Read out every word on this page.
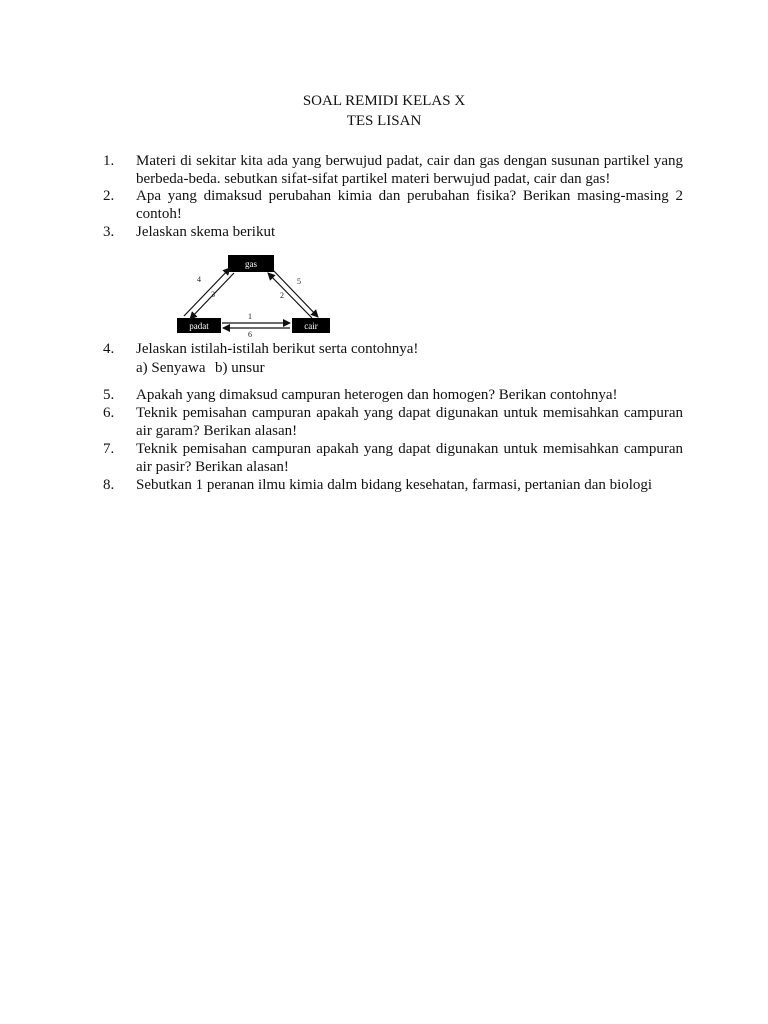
SOAL REMIDI KELAS X
TES LISAN
1.	Materi di sekitar kita ada yang berwujud padat, cair dan gas dengan susunan partikel yang berbeda-beda. sebutkan sifat-sifat partikel materi berwujud padat, cair dan gas!
2.	Apa yang dimaksud perubahan kimia dan perubahan fisika? Berikan masing-masing 2 contoh!
3.	Jelaskan skema berikut
gas
padat	cair
4
3
5
2
1
6
4.	Jelaskan istilah-istilah berikut serta contohnya!
a) Senyawa b) unsur
5.	Apakah yang dimaksud campuran heterogen dan homogen? Berikan contohnya!
6.	Teknik pemisahan campuran apakah yang dapat digunakan untuk memisahkan campuran air garam? Berikan alasan!
7.	Teknik pemisahan campuran apakah yang dapat digunakan untuk memisahkan campuran air pasir? Berikan alasan!
8.	Sebutkan 1 peranan ilmu kimia dalm bidang kesehatan, farmasi, pertanian dan biologi
